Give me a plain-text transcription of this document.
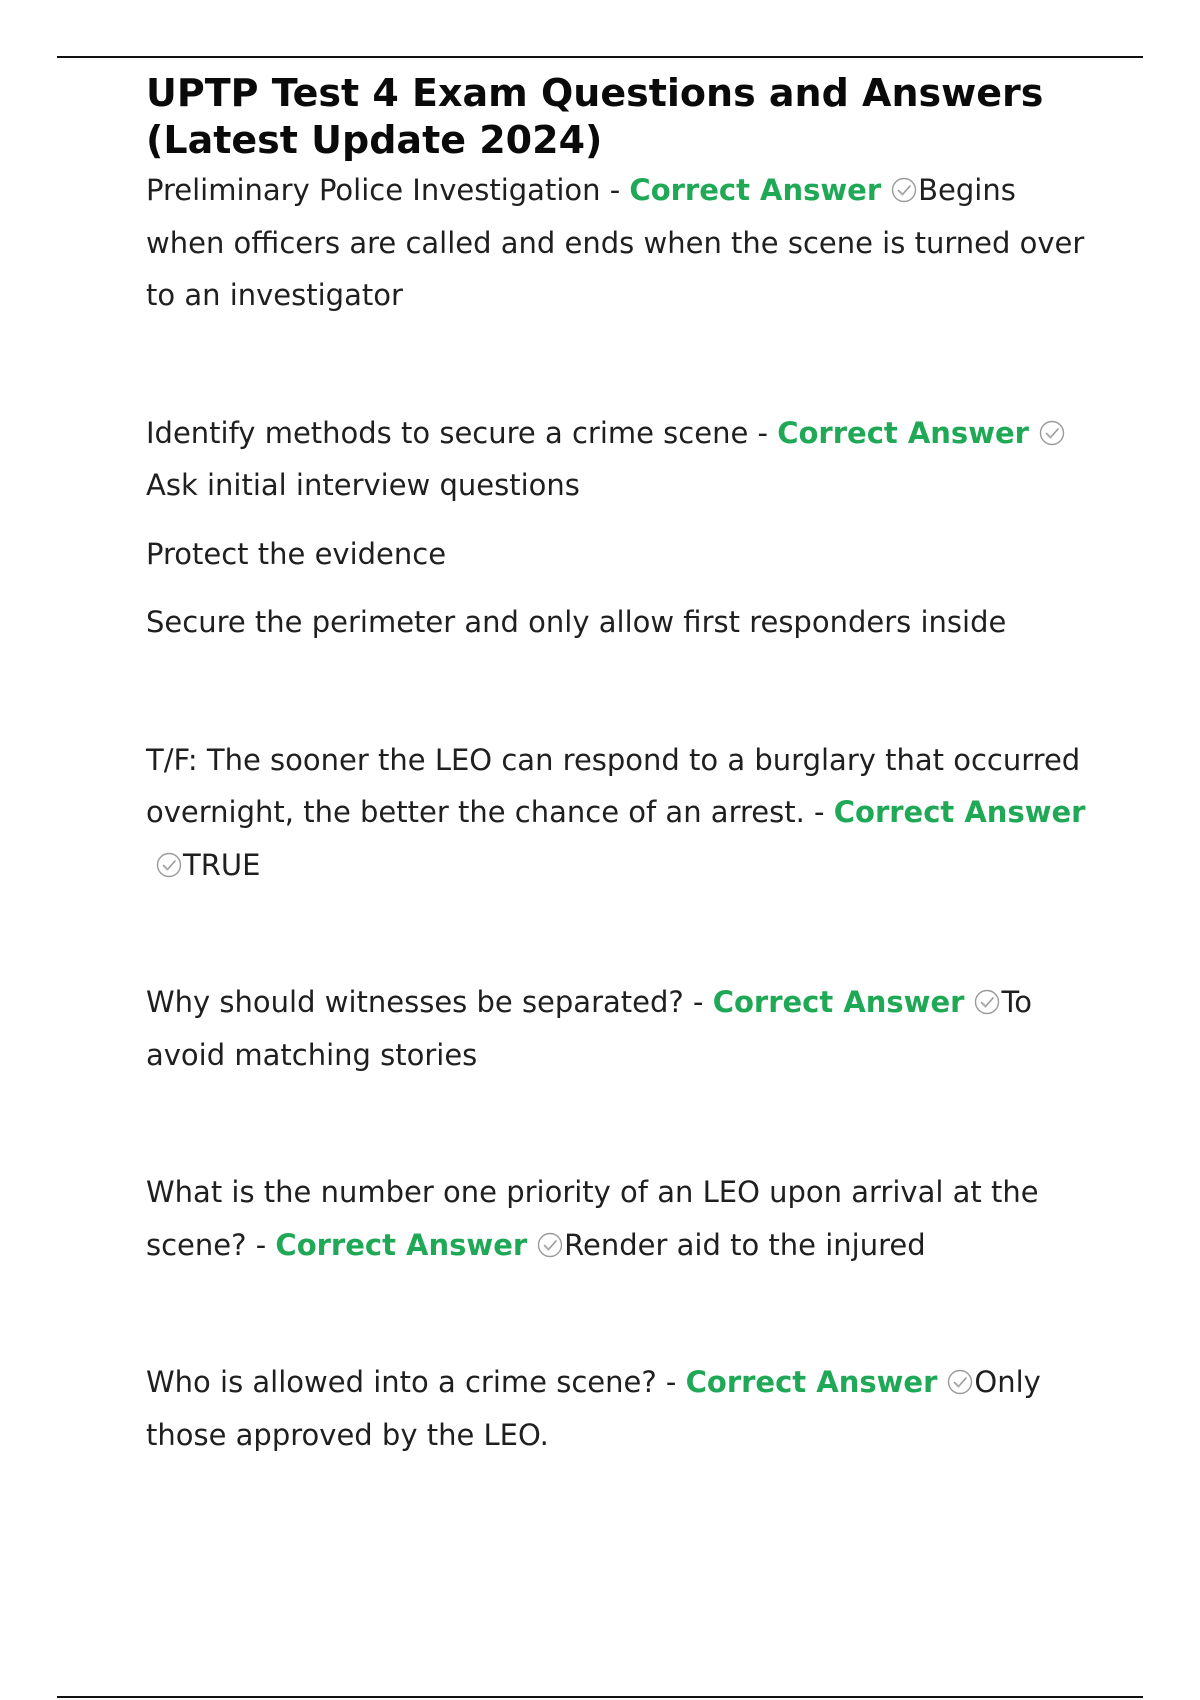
UPTP Test 4 Exam Questions and Answers (Latest Update 2024)

Preliminary Police Investigation - Correct Answer Begins when officers are called and ends when the scene is turned over to an investigator

Identify methods to secure a crime scene - Correct Answer
Ask initial interview questions

Protect the evidence

Secure the perimeter and only allow first responders inside

T/F: The sooner the LEO can respond to a burglary that occurred overnight, the better the chance of an arrest. - Correct Answer
TRUE

Why should witnesses be separated? - Correct Answer To avoid matching stories

What is the number one priority of an LEO upon arrival at the scene? - Correct Answer Render aid to the injured

Who is allowed into a crime scene? - Correct Answer Only those approved by the LEO.
